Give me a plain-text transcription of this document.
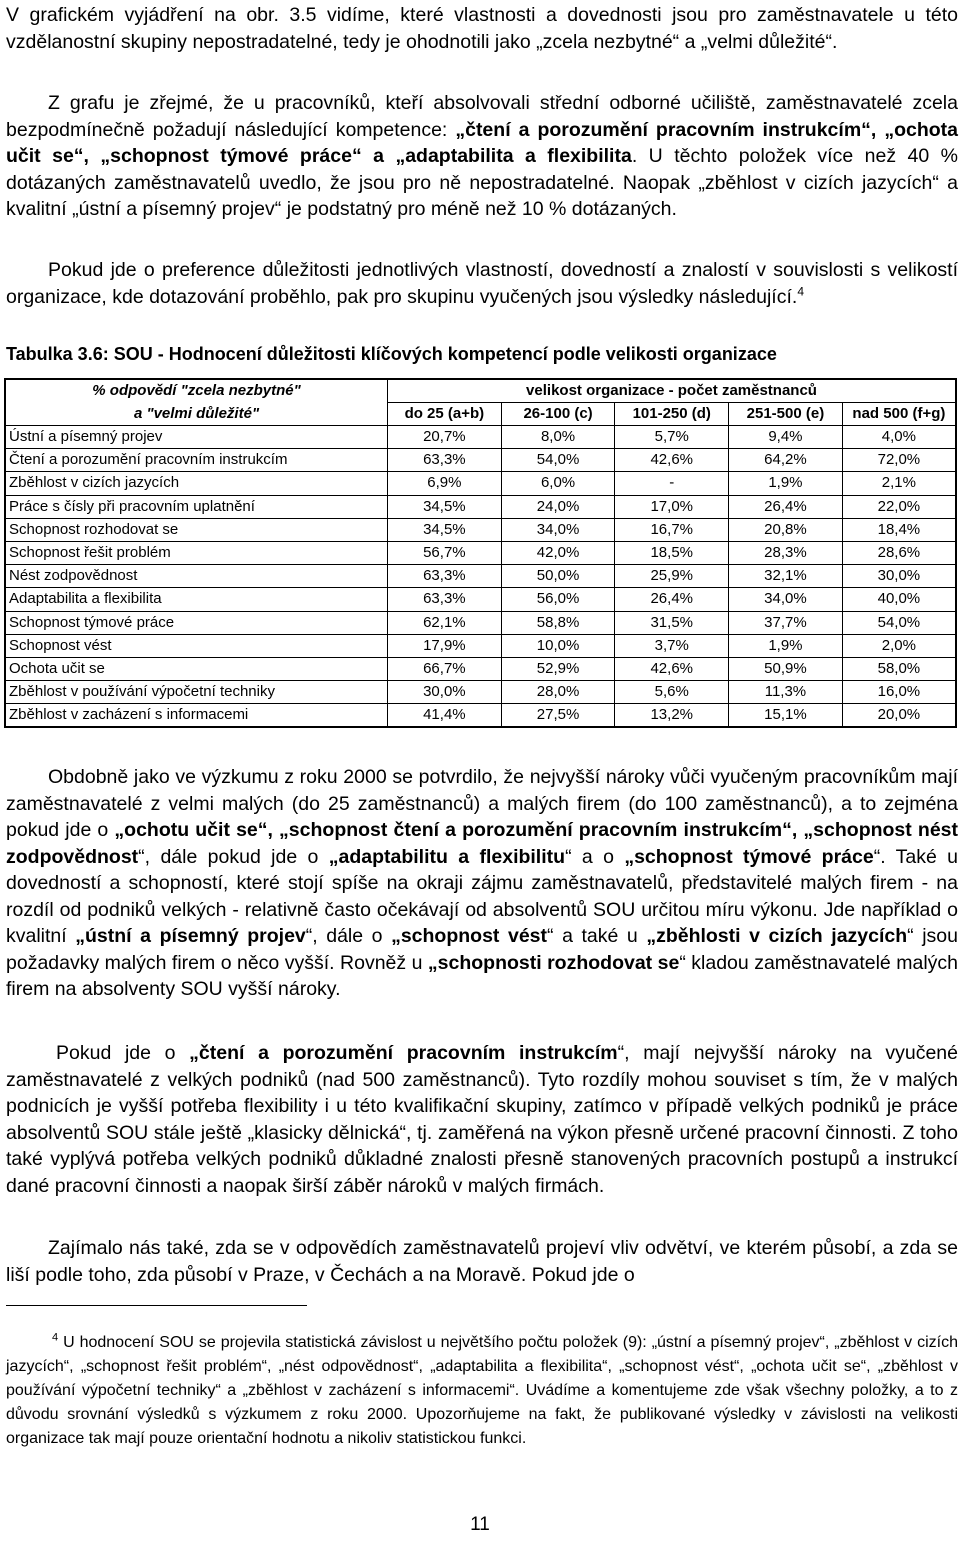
V grafickém vyjádření na obr. 3.5 vidíme, které vlastnosti a dovednosti jsou pro zaměstnavatele u této vzdělanostní skupiny nepostradatelné, tedy je ohodnotili jako „zcela nezbytné“ a „velmi důležité“.

Z grafu je zřejmé, že u pracovníků, kteří absolvovali střední odborné učiliště, zaměstnavatelé zcela bezpodmínečně požadují následující kompetence: „čtení a porozumění pracovním instrukcím“, „ochota učit se“, „schopnost týmové práce“ a „adaptabilita a flexibilita. U těchto položek více než 40 % dotázaných zaměstnavatelů uvedlo, že jsou pro ně nepostradatelné. Naopak „zběhlost v cizích jazycích“ a kvalitní „ústní a písemný projev“ je podstatný pro méně než 10 % dotázaných.

Pokud jde o preference důležitosti jednotlivých vlastností, dovedností a znalostí v souvislosti s velikostí organizace, kde dotazování proběhlo, pak pro skupinu vyučených jsou výsledky následující.$^4$

Tabulka 3.6: SOU - Hodnocení důležitosti klíčových kompetencí podle velikosti organizace

% odpovědí "zcela nezbytné"	velikost organizace - počet zaměstnanců				
a "velmi důležité"	do 25 (a+b)	26-100 (c)	101-250 (d)	251-500 (e)	nad 500 (f+g)
Ústní a písemný projev	20,7%	8,0%	5,7%	9,4%	4,0%
Čtení a porozumění pracovním instrukcím	63,3%	54,0%	42,6%	64,2%	72,0%
Zběhlost v cizích jazycích	6,9%	6,0%	-	1,9%	2,1%
Práce s čísly při pracovním uplatnění	34,5%	24,0%	17,0%	26,4%	22,0%
Schopnost rozhodovat se	34,5%	34,0%	16,7%	20,8%	18,4%
Schopnost řešit problém	56,7%	42,0%	18,5%	28,3%	28,6%
Nést zodpovědnost	63,3%	50,0%	25,9%	32,1%	30,0%
Adaptabilita a flexibilita	63,3%	56,0%	26,4%	34,0%	40,0%
Schopnost týmové práce	62,1%	58,8%	31,5%	37,7%	54,0%
Schopnost vést	17,9%	10,0%	3,7%	1,9%	2,0%
Ochota učit se	66,7%	52,9%	42,6%	50,9%	58,0%
Zběhlost v používání výpočetní techniky	30,0%	28,0%	5,6%	11,3%	16,0%
Zběhlost v zacházení s informacemi	41,4%	27,5%	13,2%	15,1%	20,0%

Obdobně jako ve výzkumu z roku 2000 se potvrdilo, že nejvyšší nároky vůči vyučeným pracovníkům mají zaměstnavatelé z velmi malých (do 25 zaměstnanců) a malých firem (do 100 zaměstnanců), a to zejména pokud jde o „ochotu učit se“, „schopnost čtení a porozumění pracovním instrukcím“, „schopnost nést zodpovědnost“, dále pokud jde o „adaptabilitu a flexibilitu“ a o „schopnost týmové práce“. Také u dovedností a schopností, které stojí spíše na okraji zájmu zaměstnavatelů, představitelé malých firem - na rozdíl od podniků velkých - relativně často očekávají od absolventů SOU určitou míru výkonu. Jde například o kvalitní „ústní a písemný projev“, dále o „schopnost vést“ a také u „zběhlosti v cizích jazycích“ jsou požadavky malých firem o něco vyšší. Rovněž u „schopnosti rozhodovat se“ kladou zaměstnavatelé malých firem na absolventy SOU vyšší nároky.

Pokud jde o „čtení a porozumění pracovním instrukcím“, mají nejvyšší nároky na vyučené zaměstnavatelé z velkých podniků (nad 500 zaměstnanců). Tyto rozdíly mohou souviset s tím, že v malých podnicích je vyšší potřeba flexibility i u této kvalifikační skupiny, zatímco v případě velkých podniků je práce absolventů SOU stále ještě „klasicky dělnická“, tj. zaměřená na výkon přesně určené pracovní činnosti. Z toho také vyplývá potřeba velkých podniků důkladné znalosti přesně stanovených pracovních postupů a instrukcí dané pracovní činnosti a naopak širší záběr nároků v malých firmách.

Zajímalo nás také, zda se v odpovědích zaměstnavatelů projeví vliv odvětví, ve kterém působí, a zda se liší podle toho, zda působí v Praze, v Čechách a na Moravě. Pokud jde o

$^4$ U hodnocení SOU se projevila statistická závislost u největšího počtu položek (9): „ústní a písemný projev“, „zběhlost v cizích jazycích“, „schopnost řešit problém“, „nést odpovědnost“, „adaptabilita a flexibilita“, „schopnost vést“, „ochota učit se“, „zběhlost v používání výpočetní techniky“ a „zběhlost v zacházení s informacemi“. Uvádíme a komentujeme zde však všechny položky, a to z důvodu srovnání výsledků s výzkumem z roku 2000. Upozorňujeme na fakt, že publikované výsledky v závislosti na velikosti organizace tak mají pouze orientační hodnotu a nikoliv statistickou funkci.

11
